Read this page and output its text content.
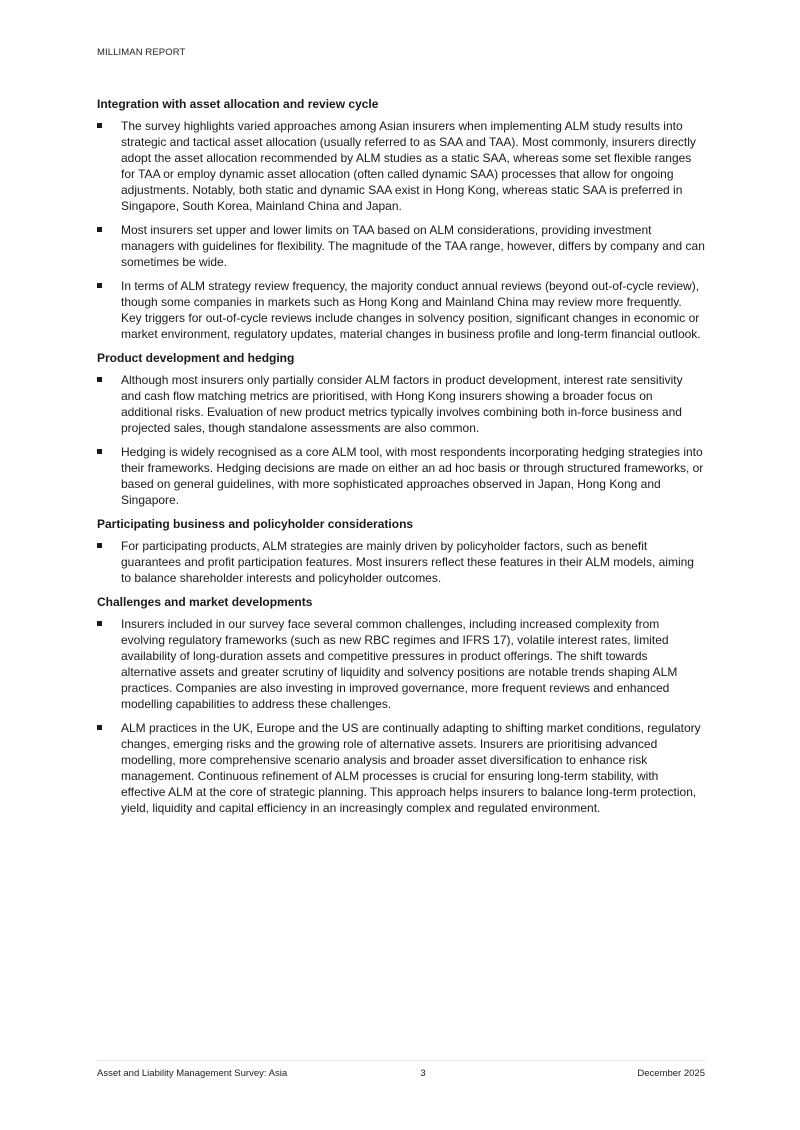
MILLIMAN REPORT
Integration with asset allocation and review cycle
The survey highlights varied approaches among Asian insurers when implementing ALM study results into strategic and tactical asset allocation (usually referred to as SAA and TAA). Most commonly, insurers directly adopt the asset allocation recommended by ALM studies as a static SAA, whereas some set flexible ranges for TAA or employ dynamic asset allocation (often called dynamic SAA) processes that allow for ongoing adjustments. Notably, both static and dynamic SAA exist in Hong Kong, whereas static SAA is preferred in Singapore, South Korea, Mainland China and Japan.
Most insurers set upper and lower limits on TAA based on ALM considerations, providing investment managers with guidelines for flexibility. The magnitude of the TAA range, however, differs by company and can sometimes be wide.
In terms of ALM strategy review frequency, the majority conduct annual reviews (beyond out-of-cycle review), though some companies in markets such as Hong Kong and Mainland China may review more frequently. Key triggers for out-of-cycle reviews include changes in solvency position, significant changes in economic or market environment, regulatory updates, material changes in business profile and long-term financial outlook.
Product development and hedging
Although most insurers only partially consider ALM factors in product development, interest rate sensitivity and cash flow matching metrics are prioritised, with Hong Kong insurers showing a broader focus on additional risks. Evaluation of new product metrics typically involves combining both in-force business and projected sales, though standalone assessments are also common.
Hedging is widely recognised as a core ALM tool, with most respondents incorporating hedging strategies into their frameworks. Hedging decisions are made on either an ad hoc basis or through structured frameworks, or based on general guidelines, with more sophisticated approaches observed in Japan, Hong Kong and Singapore.
Participating business and policyholder considerations
For participating products, ALM strategies are mainly driven by policyholder factors, such as benefit guarantees and profit participation features. Most insurers reflect these features in their ALM models, aiming to balance shareholder interests and policyholder outcomes.
Challenges and market developments
Insurers included in our survey face several common challenges, including increased complexity from evolving regulatory frameworks (such as new RBC regimes and IFRS 17), volatile interest rates, limited availability of long-duration assets and competitive pressures in product offerings. The shift towards alternative assets and greater scrutiny of liquidity and solvency positions are notable trends shaping ALM practices. Companies are also investing in improved governance, more frequent reviews and enhanced modelling capabilities to address these challenges.
ALM practices in the UK, Europe and the US are continually adapting to shifting market conditions, regulatory changes, emerging risks and the growing role of alternative assets. Insurers are prioritising advanced modelling, more comprehensive scenario analysis and broader asset diversification to enhance risk management. Continuous refinement of ALM processes is crucial for ensuring long-term stability, with effective ALM at the core of strategic planning. This approach helps insurers to balance long-term protection, yield, liquidity and capital efficiency in an increasingly complex and regulated environment.
Asset and Liability Management Survey: Asia	3	December 2025
